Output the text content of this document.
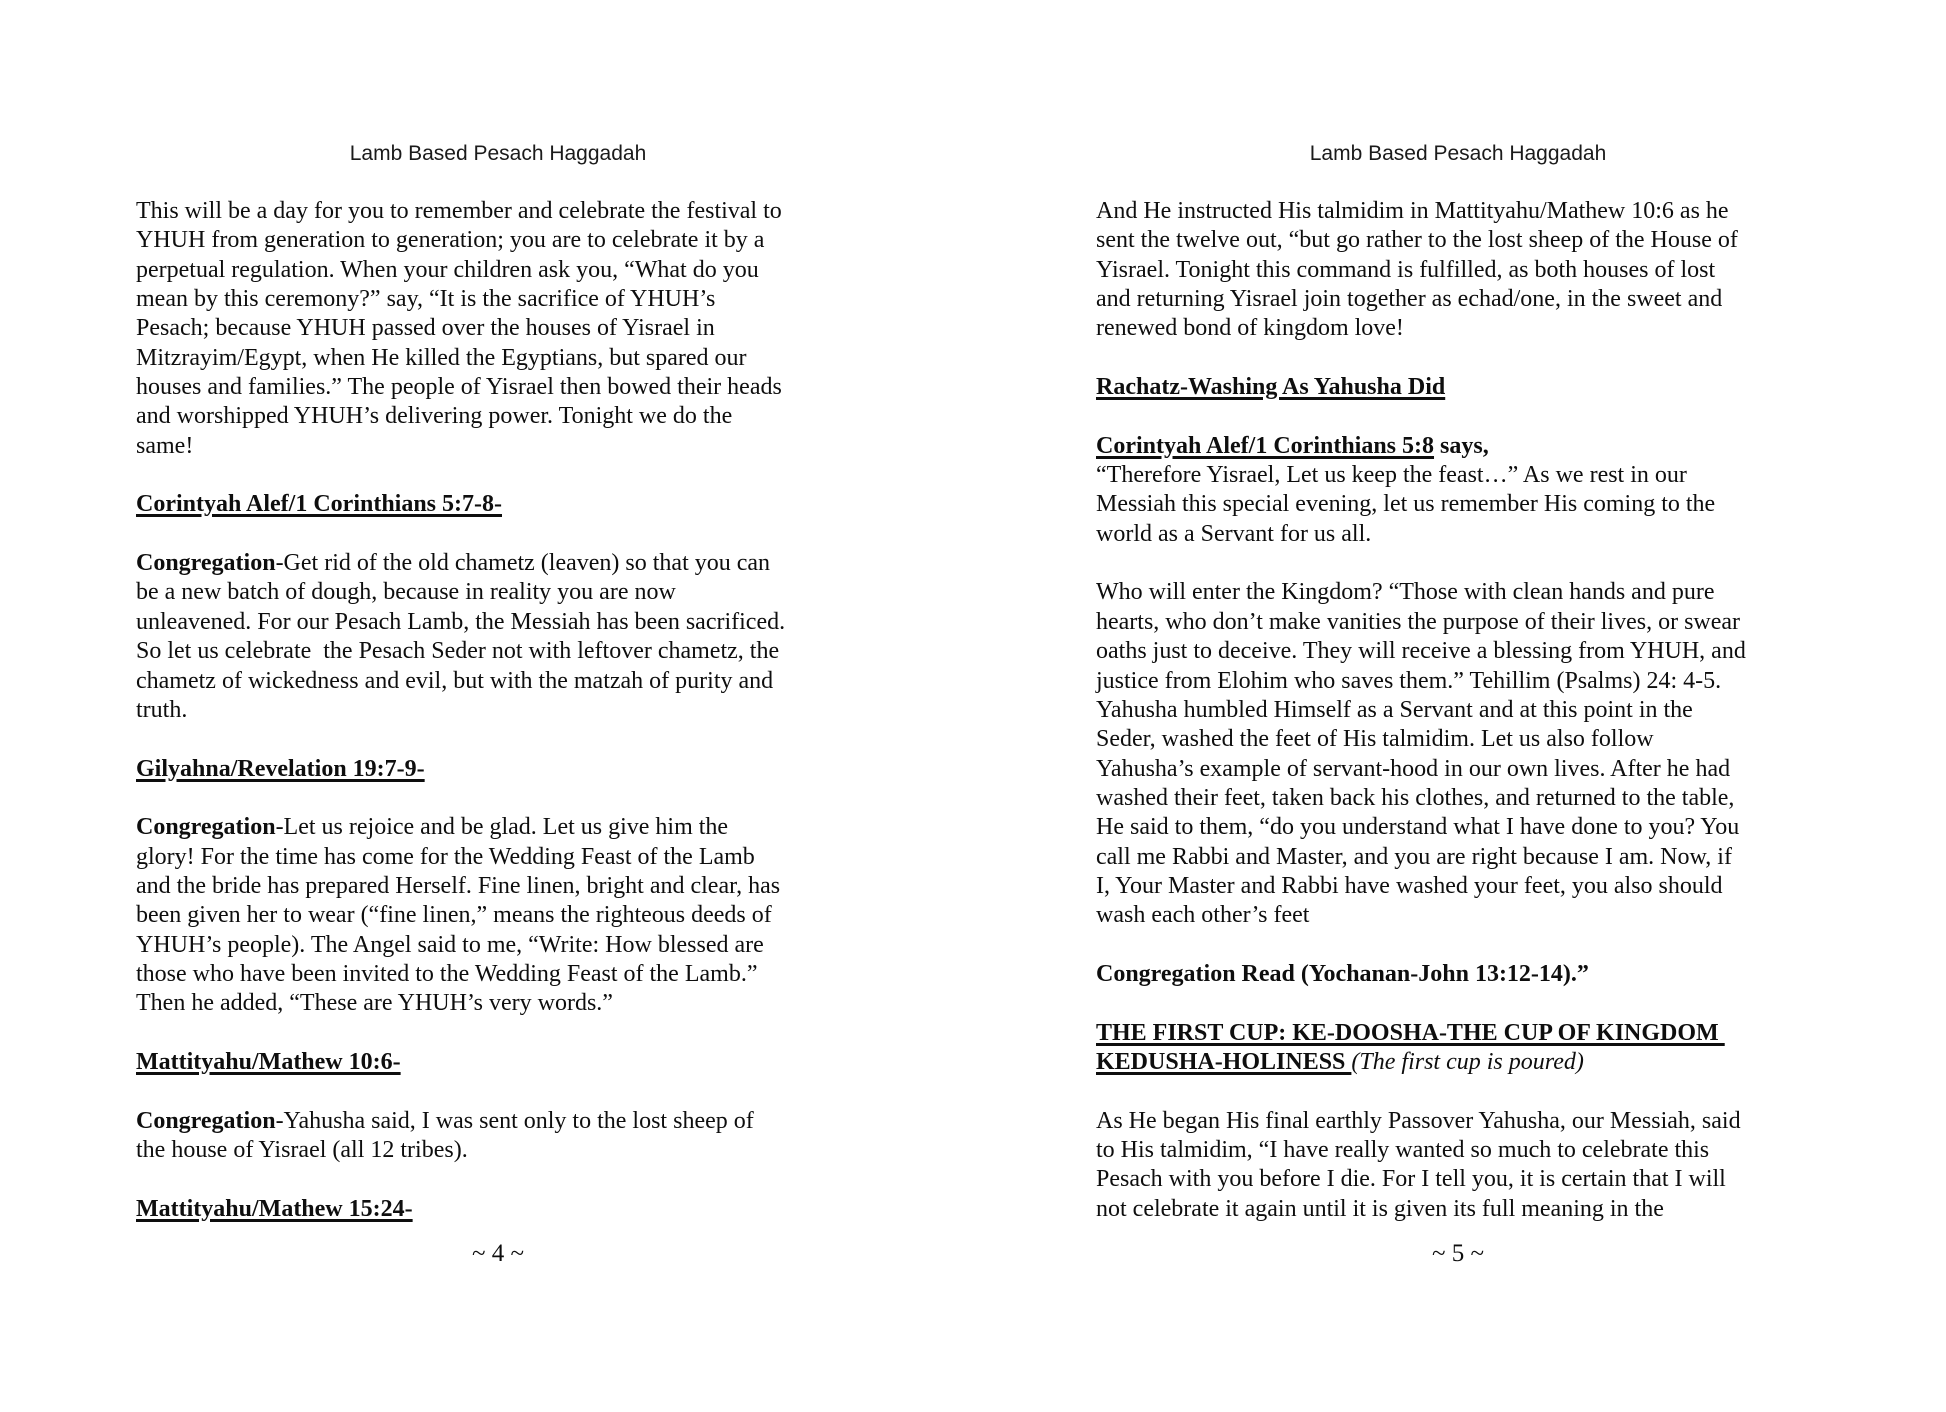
Lamb Based Pesach Haggadah
This will be a day for you to remember and celebrate the festival to
YHUH from generation to generation; you are to celebrate it by a
perpetual regulation. When your children ask you, “What do you
mean by this ceremony?” say, “It is the sacrifice of YHUH’s
Pesach; because YHUH passed over the houses of Yisrael in
Mitzrayim/Egypt, when He killed the Egyptians, but spared our
houses and families.” The people of Yisrael then bowed their heads
and worshipped YHUH’s delivering power. Tonight we do the
same!
Corintyah Alef/1 Corinthians 5:7-8-
Congregation-Get rid of the old chametz (leaven) so that you can
be a new batch of dough, because in reality you are now
unleavened. For our Pesach Lamb, the Messiah has been sacrificed.
So let us celebrate  the Pesach Seder not with leftover chametz, the
chametz of wickedness and evil, but with the matzah of purity and
truth.
Gilyahna/Revelation 19:7-9-
Congregation-Let us rejoice and be glad. Let us give him the
glory! For the time has come for the Wedding Feast of the Lamb
and the bride has prepared Herself. Fine linen, bright and clear, has
been given her to wear (“fine linen,” means the righteous deeds of
YHUH’s people). The Angel said to me, “Write: How blessed are
those who have been invited to the Wedding Feast of the Lamb.”
Then he added, “These are YHUH’s very words.”
Mattityahu/Mathew 10:6-
Congregation-Yahusha said, I was sent only to the lost sheep of
the house of Yisrael (all 12 tribes).
Mattityahu/Mathew 15:24-
~ 4 ~
Lamb Based Pesach Haggadah
And He instructed His talmidim in Mattityahu/Mathew 10:6 as he
sent the twelve out, “but go rather to the lost sheep of the House of
Yisrael. Tonight this command is fulfilled, as both houses of lost
and returning Yisrael join together as echad/one, in the sweet and
renewed bond of kingdom love!
Rachatz-Washing As Yahusha Did
Corintyah Alef/1 Corinthians 5:8 says,
“Therefore Yisrael, Let us keep the feast…” As we rest in our
Messiah this special evening, let us remember His coming to the
world as a Servant for us all.
Who will enter the Kingdom? “Those with clean hands and pure
hearts, who don’t make vanities the purpose of their lives, or swear
oaths just to deceive. They will receive a blessing from YHUH, and
justice from Elohim who saves them.” Tehillim (Psalms) 24: 4-5.
Yahusha humbled Himself as a Servant and at this point in the
Seder, washed the feet of His talmidim. Let us also follow
Yahusha’s example of servant-hood in our own lives. After he had
washed their feet, taken back his clothes, and returned to the table,
He said to them, “do you understand what I have done to you? You
call me Rabbi and Master, and you are right because I am. Now, if
I, Your Master and Rabbi have washed your feet, you also should
wash each other’s feet
Congregation Read (Yochanan-John 13:12-14).”
THE FIRST CUP: KE-DOOSHA-THE CUP OF KINGDOM
KEDUSHA-HOLINESS (The first cup is poured)
As He began His final earthly Passover Yahusha, our Messiah, said
to His talmidim, “I have really wanted so much to celebrate this
Pesach with you before I die. For I tell you, it is certain that I will
not celebrate it again until it is given its full meaning in the
~ 5 ~
